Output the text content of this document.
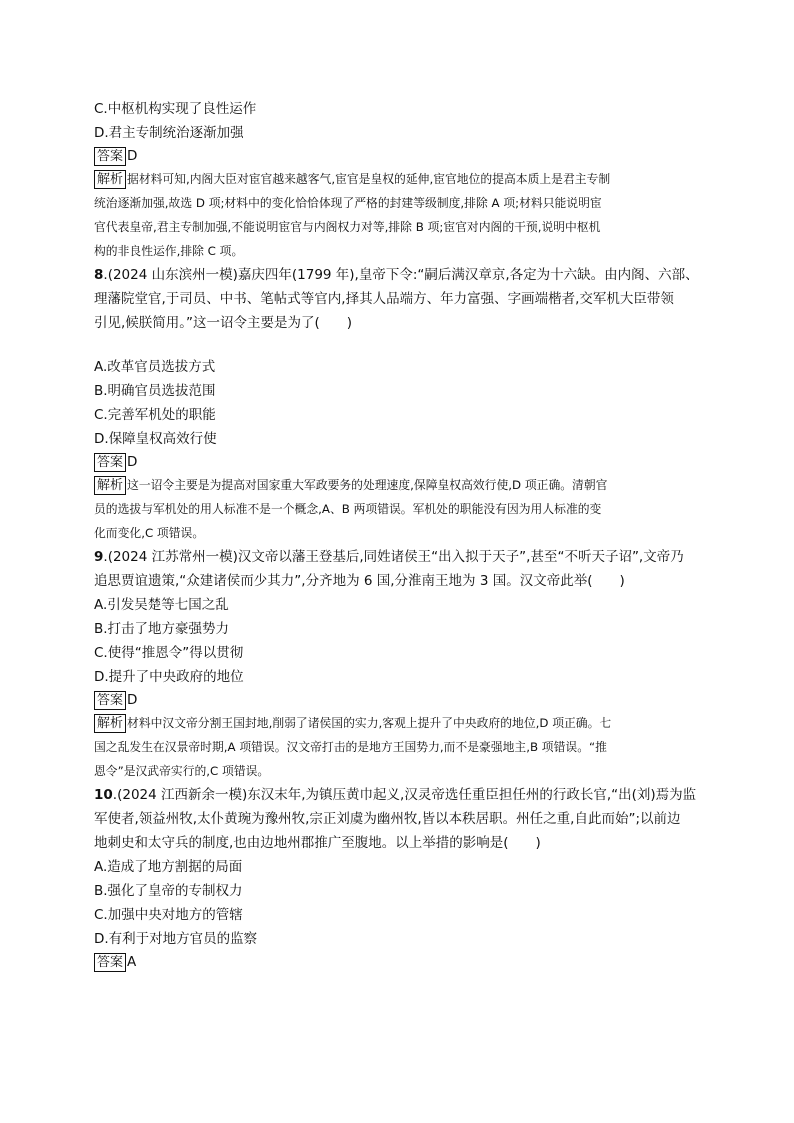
C.中枢机构实现了良性运作
D.君主专制统治逐渐加强
答案 D
解析 据材料可知,内阁大臣对宦官越来越客气,宦官是皇权的延伸,宦官地位的提高本质上是君主专制
统治逐渐加强,故选 D 项;材料中的变化恰恰体现了严格的封建等级制度,排除 A 项;材料只能说明宦
官代表皇帝,君主专制加强,不能说明宦官与内阁权力对等,排除 B 项;宦官对内阁的干预,说明中枢机
构的非良性运作,排除 C 项。
8.(2024 山东滨州一模)嘉庆四年(1799 年),皇帝下令:“嗣后满汉章京,各定为十六缺。由内阁、六部、
理藩院堂官,于司员、中书、笔帖式等官内,择其人品端方、年力富强、字画端楷者,交军机大臣带领
引见,候朕简用。”这一诏令主要是为了(　　)
A.改革官员选拔方式
B.明确官员选拔范围
C.完善军机处的职能
D.保障皇权高效行使
答案 D
解析 这一诏令主要是为提高对国家重大军政要务的处理速度,保障皇权高效行使,D 项正确。清朝官
员的选拔与军机处的用人标准不是一个概念,A、B 两项错误。军机处的职能没有因为用人标准的变
化而变化,C 项错误。
9.(2024 江苏常州一模)汉文帝以藩王登基后,同姓诸侯王“出入拟于天子”,甚至“不听天子诏”,文帝乃
追思贾谊遗策,“众建诸侯而少其力”,分齐地为 6 国,分淮南王地为 3 国。汉文帝此举(　　)
A.引发吴楚等七国之乱
B.打击了地方豪强势力
C.使得“推恩令”得以贯彻
D.提升了中央政府的地位
答案 D
解析 材料中汉文帝分割王国封地,削弱了诸侯国的实力,客观上提升了中央政府的地位,D 项正确。七
国之乱发生在汉景帝时期,A 项错误。汉文帝打击的是地方王国势力,而不是豪强地主,B 项错误。“推
恩令”是汉武帝实行的,C 项错误。
10.(2024 江西新余一模)东汉末年,为镇压黄巾起义,汉灵帝选任重臣担任州的行政长官,“出(刘)焉为监
军使者,领益州牧,太仆黄琬为豫州牧,宗正刘虞为幽州牧,皆以本秩居职。州任之重,自此而始”;以前边
地刺史和太守兵的制度,也由边地州郡推广至腹地。以上举措的影响是(　　)
A.造成了地方割据的局面
B.强化了皇帝的专制权力
C.加强中央对地方的管辖
D.有利于对地方官员的监察
答案 A
